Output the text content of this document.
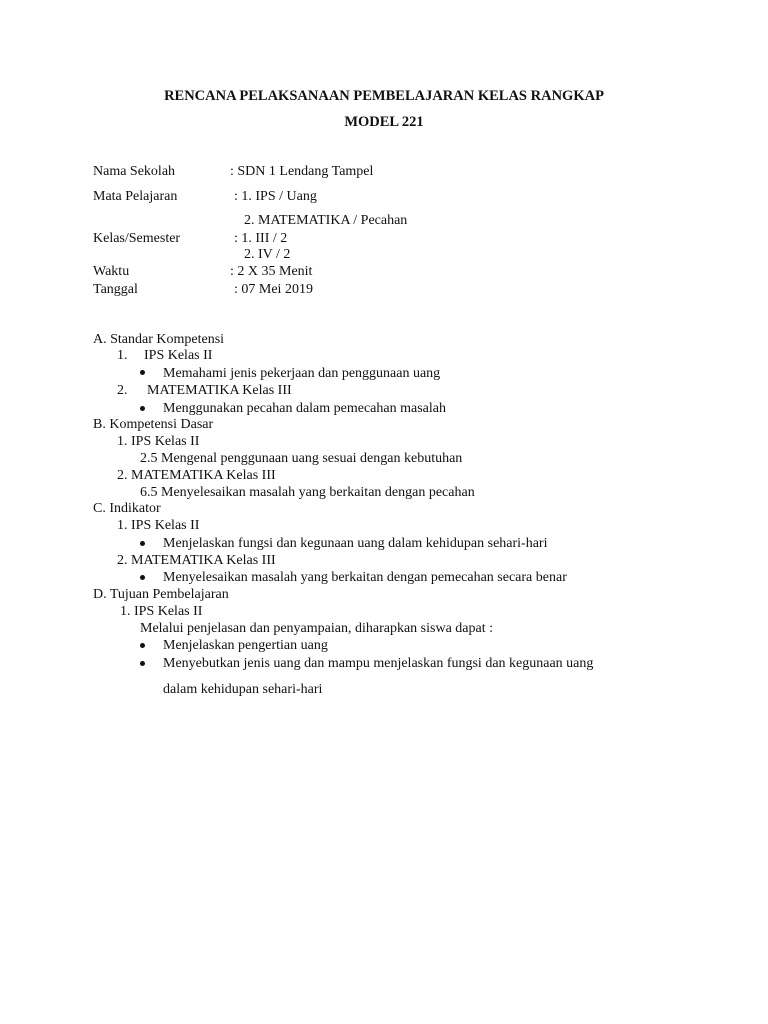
RENCANA PELAKSANAAN PEMBELAJARAN KELAS RANGKAP
MODEL 221
Nama Sekolah	: SDN 1 Lendang Tampel
Mata Pelajaran	: 1. IPS / Uang
2. MATEMATIKA / Pecahan
Kelas/Semester	: 1. III / 2
2. IV / 2
Waktu	: 2 X 35 Menit
Tanggal	: 07 Mei 2019
A. Standar Kompetensi
1. IPS Kelas II
Memahami jenis pekerjaan dan penggunaan uang
2. MATEMATIKA Kelas III
Menggunakan pecahan dalam pemecahan masalah
B. Kompetensi Dasar
1. IPS Kelas II
2.5 Mengenal penggunaan uang sesuai dengan kebutuhan
2. MATEMATIKA Kelas III
6.5 Menyelesaikan masalah yang berkaitan dengan pecahan
C. Indikator
1. IPS Kelas II
Menjelaskan fungsi dan kegunaan uang dalam kehidupan sehari-hari
2. MATEMATIKA Kelas III
Menyelesaikan masalah yang berkaitan dengan pemecahan secara benar
D. Tujuan Pembelajaran
1. IPS Kelas II
Melalui penjelasan dan penyampaian, diharapkan siswa dapat :
Menjelaskan pengertian uang
Menyebutkan jenis uang dan mampu menjelaskan fungsi dan kegunaan uang
dalam kehidupan sehari-hari
